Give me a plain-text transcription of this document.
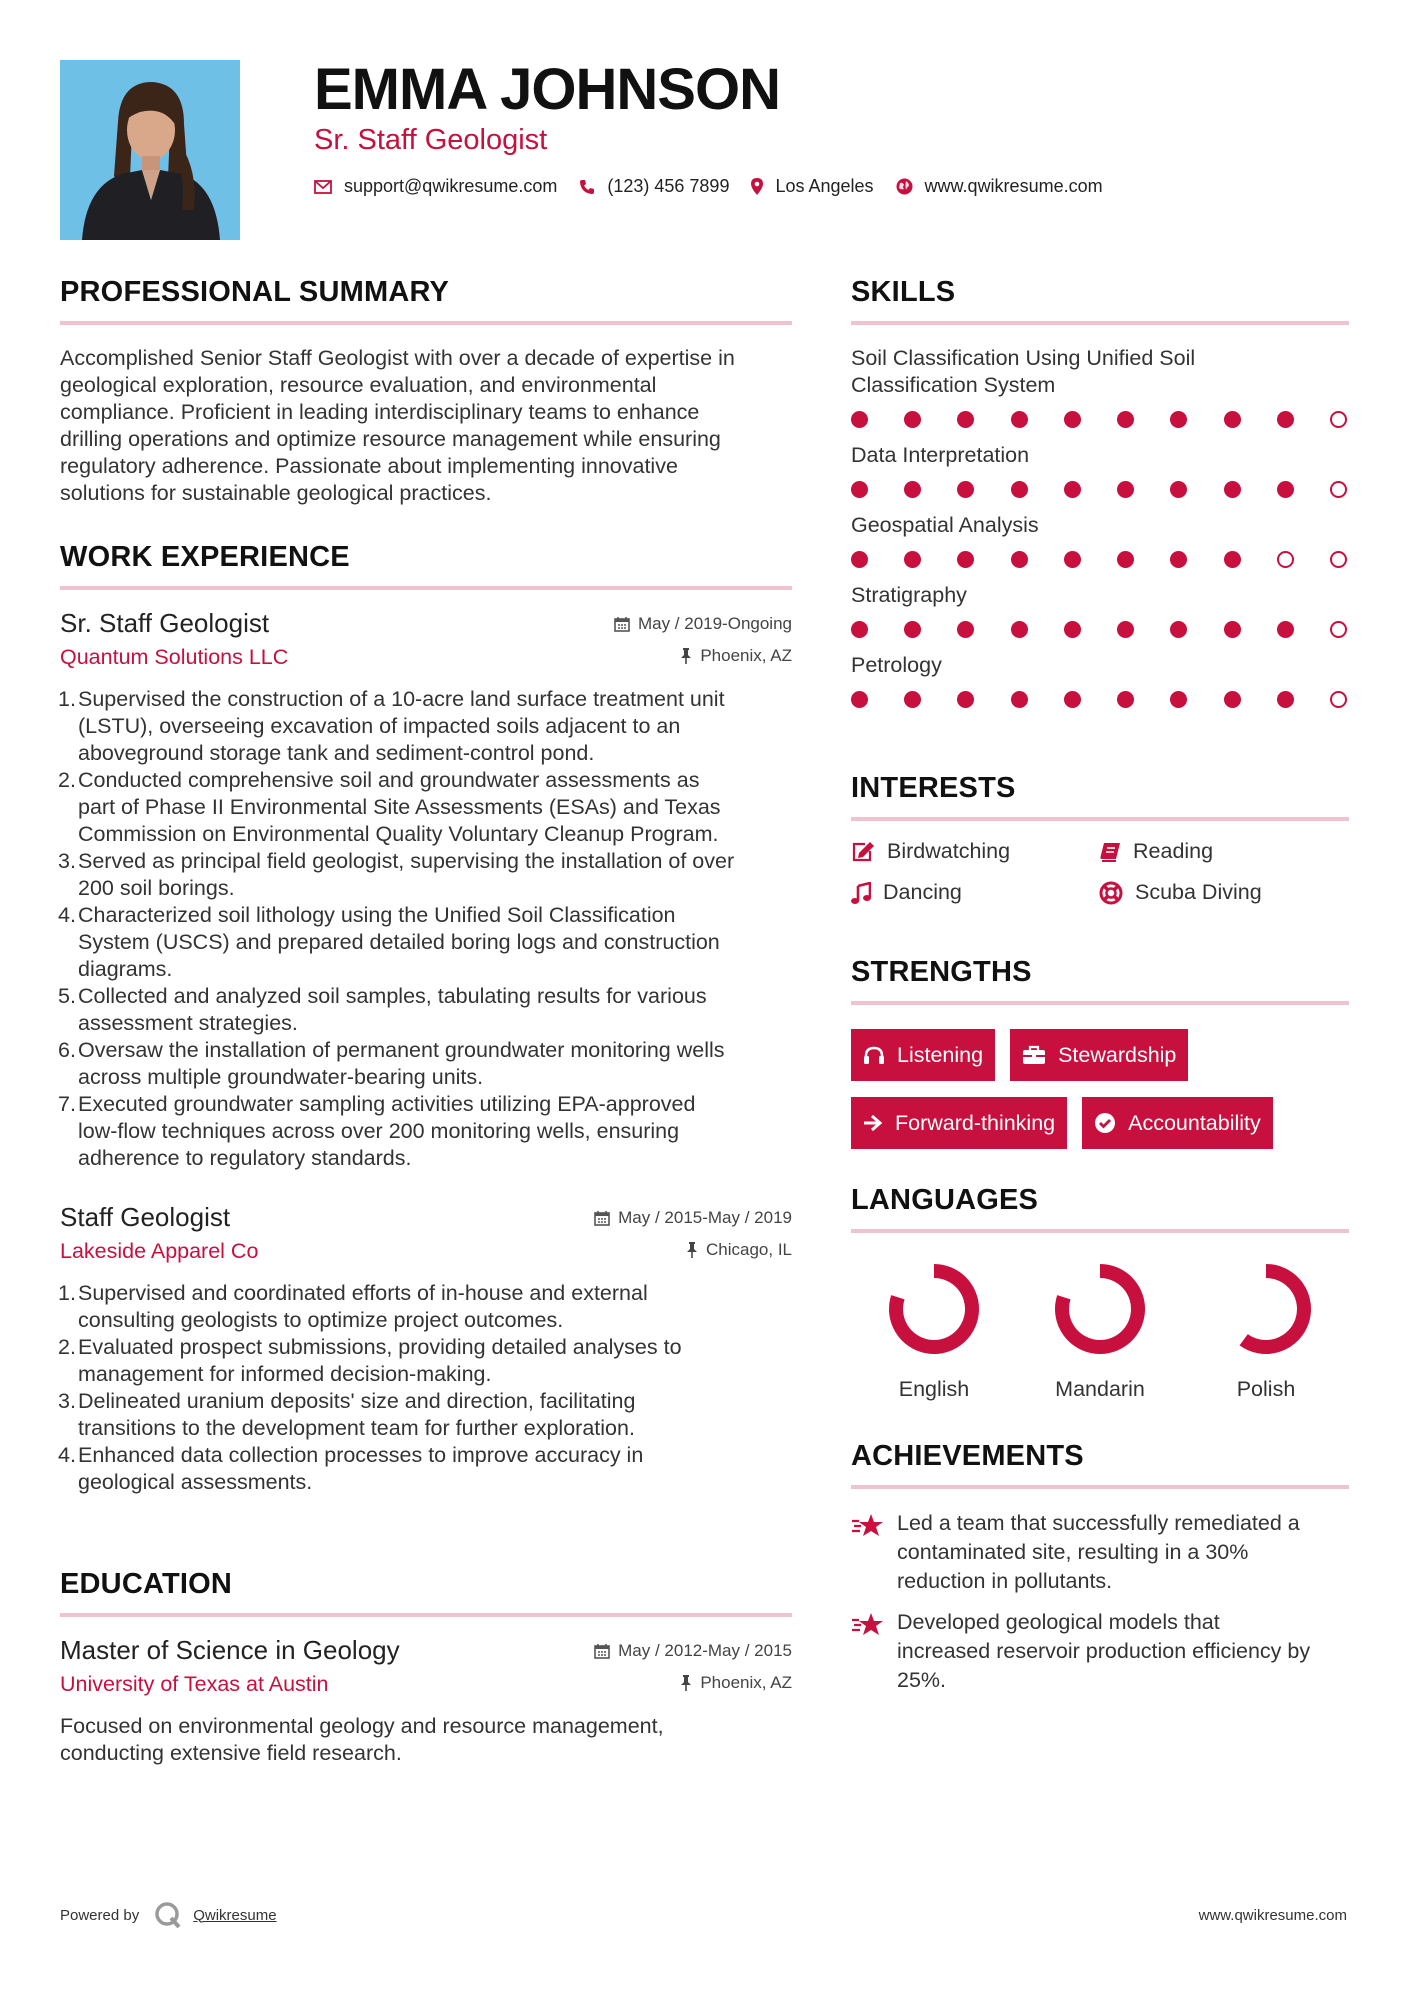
EMMA JOHNSON
Sr. Staff Geologist
support@qwikresume.com	(123) 456 7899	Los Angeles	www.qwikresume.com
PROFESSIONAL SUMMARY
Accomplished Senior Staff Geologist with over a decade of expertise in
geological exploration, resource evaluation, and environmental
compliance. Proficient in leading interdisciplinary teams to enhance
drilling operations and optimize resource management while ensuring
regulatory adherence. Passionate about implementing innovative
solutions for sustainable geological practices.
WORK EXPERIENCE
Sr. Staff Geologist	May / 2019-Ongoing
Quantum Solutions LLC	Phoenix, AZ
1. Supervised the construction of a 10-acre land surface treatment unit
(LSTU), overseeing excavation of impacted soils adjacent to an
aboveground storage tank and sediment-control pond.
2. Conducted comprehensive soil and groundwater assessments as
part of Phase II Environmental Site Assessments (ESAs) and Texas
Commission on Environmental Quality Voluntary Cleanup Program.
3. Served as principal field geologist, supervising the installation of over
200 soil borings.
4. Characterized soil lithology using the Unified Soil Classification
System (USCS) and prepared detailed boring logs and construction
diagrams.
5. Collected and analyzed soil samples, tabulating results for various
assessment strategies.
6. Oversaw the installation of permanent groundwater monitoring wells
across multiple groundwater-bearing units.
7. Executed groundwater sampling activities utilizing EPA-approved
low-flow techniques across over 200 monitoring wells, ensuring
adherence to regulatory standards.
Staff Geologist	May / 2015-May / 2019
Lakeside Apparel Co	Chicago, IL
1. Supervised and coordinated efforts of in-house and external
consulting geologists to optimize project outcomes.
2. Evaluated prospect submissions, providing detailed analyses to
management for informed decision-making.
3. Delineated uranium deposits' size and direction, facilitating
transitions to the development team for further exploration.
4. Enhanced data collection processes to improve accuracy in
geological assessments.
EDUCATION
Master of Science in Geology	May / 2012-May / 2015
University of Texas at Austin	Phoenix, AZ
Focused on environmental geology and resource management,
conducting extensive field research.
SKILLS
Soil Classification Using Unified Soil
Classification System
Data Interpretation
Geospatial Analysis
Stratigraphy
Petrology
INTERESTS
Birdwatching	Reading
Dancing	Scuba Diving
STRENGTHS
Listening	Stewardship
Forward-thinking	Accountability
LANGUAGES
English	Mandarin	Polish
ACHIEVEMENTS
Led a team that successfully remediated a
contaminated site, resulting in a 30%
reduction in pollutants.
Developed geological models that
increased reservoir production efficiency by
25%.
Powered by	Qwikresume	www.qwikresume.com
